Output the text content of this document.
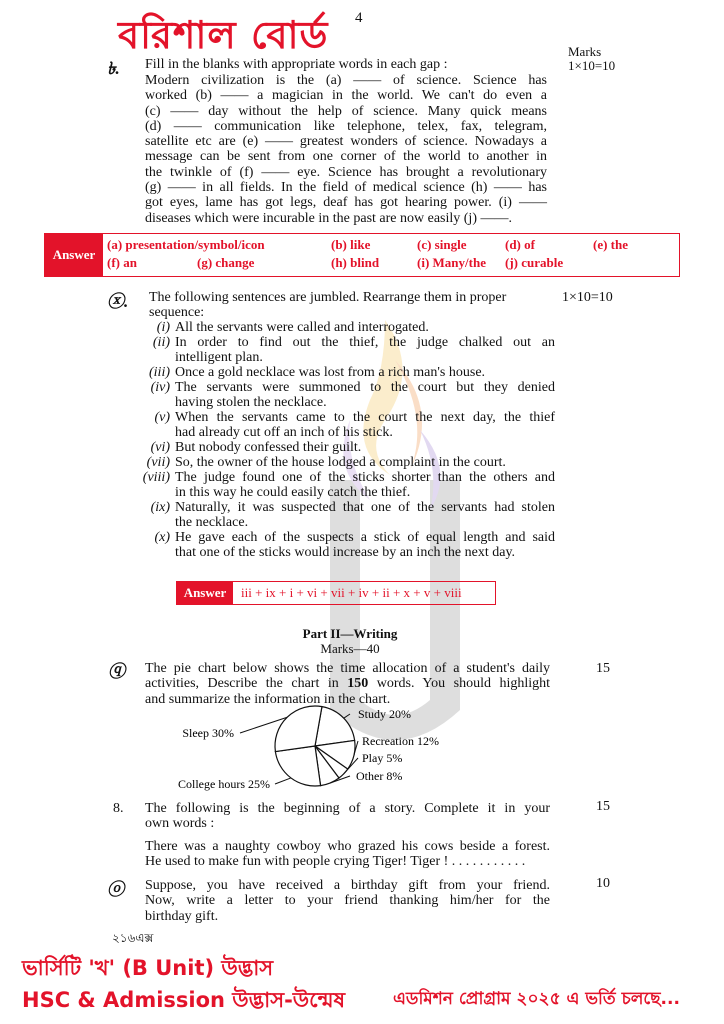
বরিশাল বোর্ড 4
Marks
1×10=10
৳. Fill in the blanks with appropriate words in each gap :
Modern civilization is the (a) —— of science. Science has
worked (b) —— a magician in the world. We can't do even a
(c) —— day without the help of science. Many quick means
(d) —— communication like telephone, telex, fax, telegram,
satellite etc are (e) —— greatest wonders of science. Nowadays a
message can be sent from one corner of the world to another in
the twinkle of (f) —— eye. Science has brought a revolutionary
(g) —— in all fields. In the field of medical science (h) —— has
got eyes, lame has got legs, deaf has got hearing power. (i) ——
diseases which were incurable in the past are now easily (j) ——.
Answer
(a) presentation/symbol/icon	(b) like	(c) single	(d) of	(e) the
(f) an	(g) change	(h) blind	(i) Many/the (j) curable
ⓧ. The following sentences are jumbled. Rearrange them in proper
sequence:
1×10=10
(i) All the servants were called and interrogated.
(ii) In order to find out the thief, the judge chalked out an
intelligent plan.
(iii) Once a gold necklace was lost from a rich man's house.
(iv) The servants were summoned to the court but they denied
having stolen the necklace.
(v) When the servants came to the court the next day, the thief
had already cut off an inch of his stick.
(vi) But nobody confessed their guilt.
(vii) So, the owner of the house lodged a complaint in the court.
(viii) The judge found one of the sticks shorter than the others and
in this way he could easily catch the thief.
(ix) Naturally, it was suspected that one of the servants had stolen
the necklace.
(x) He gave each of the suspects a stick of equal length and said
that one of the sticks would increase by an inch the next day.
Answer	iii + ix + i + vi + vii + iv + ii + x + v + viii
Part II—Writing
Marks—40
ⓠ	15
The pie chart below shows the time allocation of a student's daily
activities, Describe the chart in 150 words. You should highlight
and summarize the information in the chart.
Study 20%
Recreation 12%
Play 5%
Other 8%
College hours 25%
Sleep 30%
8.	15
The following is the beginning of a story. Complete it in your
own words :
There was a naughty cowboy who grazed his cows beside a forest.
He used to make fun with people crying Tiger! Tiger ! . . . . . . . . . . .
ⓞ	10
Suppose, you have received a birthday gift from your friend.
Now, write a letter to your friend thanking him/her for the
birthday gift.
২১৬এক্স
ভার্সিটি 'খ' (B Unit) উদ্ভাস
HSC & Admission উদ্ভাস-উন্মেষ	এডমিশন প্রোগ্রাম ২০২৫ এ ভর্তি চলছে...
